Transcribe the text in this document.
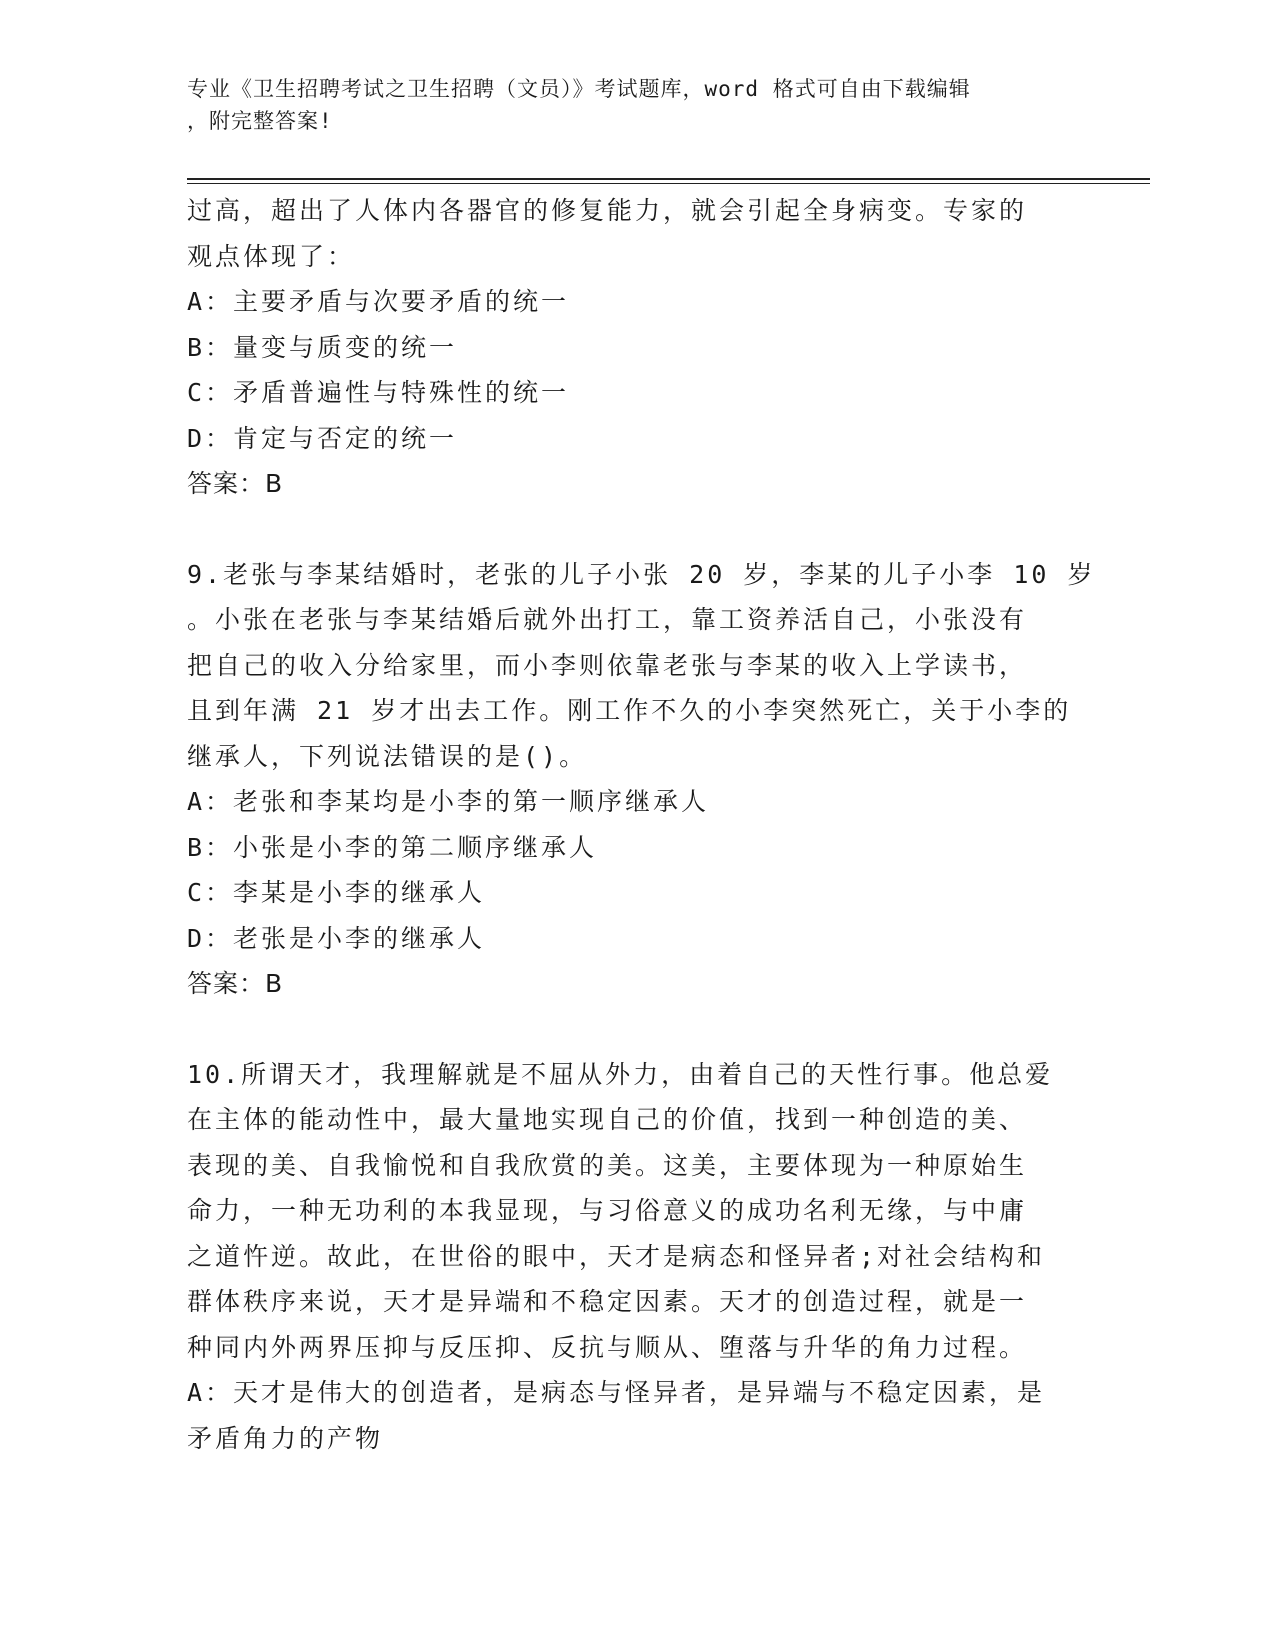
专业《卫生招聘考试之卫生招聘（文员）》考试题库，word 格式可自由下载编辑
，附完整答案!
过高，超出了人体内各器官的修复能力，就会引起全身病变。专家的
观点体现了：
A：主要矛盾与次要矛盾的统一
B：量变与质变的统一
C：矛盾普遍性与特殊性的统一
D：肯定与否定的统一
答案：B
9.老张与李某结婚时，老张的儿子小张 20 岁，李某的儿子小李 10 岁
。小张在老张与李某结婚后就外出打工，靠工资养活自己，小张没有
把自己的收入分给家里，而小李则依靠老张与李某的收入上学读书，
且到年满 21 岁才出去工作。刚工作不久的小李突然死亡，关于小李的
继承人，下列说法错误的是()。
A：老张和李某均是小李的第一顺序继承人
B：小张是小李的第二顺序继承人
C：李某是小李的继承人
D：老张是小李的继承人
答案：B
10.所谓天才，我理解就是不屈从外力，由着自己的天性行事。他总爱
在主体的能动性中，最大量地实现自己的价值，找到一种创造的美、
表现的美、自我愉悦和自我欣赏的美。这美，主要体现为一种原始生
命力，一种无功利的本我显现，与习俗意义的成功名利无缘，与中庸
之道忤逆。故此，在世俗的眼中，天才是病态和怪异者;对社会结构和
群体秩序来说，天才是异端和不稳定因素。天才的创造过程，就是一
种同内外两界压抑与反压抑、反抗与顺从、堕落与升华的角力过程。
A：天才是伟大的创造者，是病态与怪异者，是异端与不稳定因素，是
矛盾角力的产物
